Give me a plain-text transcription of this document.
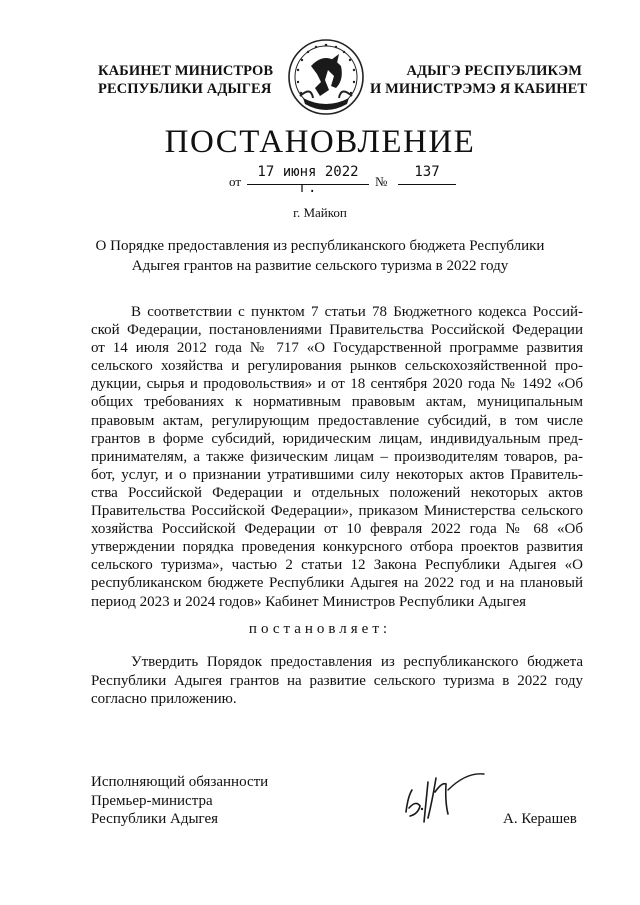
КАБИНЕТ МИНИСТРОВ
РЕСПУБЛИКИ АДЫГЕЯ
АДЫГЭ РЕСПУБЛИКЭМ
И МИНИСТРЭМЭ Я КАБИНЕТ
ПОСТАНОВЛЕНИЕ
от
17 июня 2022 г.	№
137
г. Майкоп
О Порядке предоставления из республиканского бюджета Республики
Адыгея грантов на развитие сельского туризма в 2022 году
В соответствии с пунктом 7 статьи 78 Бюджетного кодекса Россий-
ской Федерации, постановлениями Правительства Российской Федерации
от 14 июля 2012 года № 717 «О Государственной программе развития
сельского хозяйства и регулирования рынков сельскохозяйственной про-
дукции, сырья и продовольствия» и от 18 сентября 2020 года № 1492 «Об
общих требованиях к нормативным правовым актам, муниципальным
правовым актам, регулирующим предоставление субсидий, в том числе
грантов в форме субсидий, юридическим лицам, индивидуальным пред-
принимателям, а также физическим лицам – производителям товаров, ра-
бот, услуг, и о признании утратившими силу некоторых актов Правитель-
ства Российской Федерации и отдельных положений некоторых актов
Правительства Российской Федерации», приказом Министерства сельского
хозяйства Российской Федерации от 10 февраля 2022 года № 68 «Об
утверждении порядка проведения конкурсного отбора проектов развития
сельского туризма», частью 2 статьи 12 Закона Республики Адыгея «О
республиканском бюджете Республики Адыгея на 2022 год и на плановый
период 2023 и 2024 годов» Кабинет Министров Республики Адыгея
постановляет:
Утвердить Порядок предоставления из республиканского бюджета
Республики Адыгея грантов на развитие сельского туризма в 2022 году
согласно приложению.
Исполняющий обязанности
Премьер-министра
Республики Адыгея	А. Керашев
